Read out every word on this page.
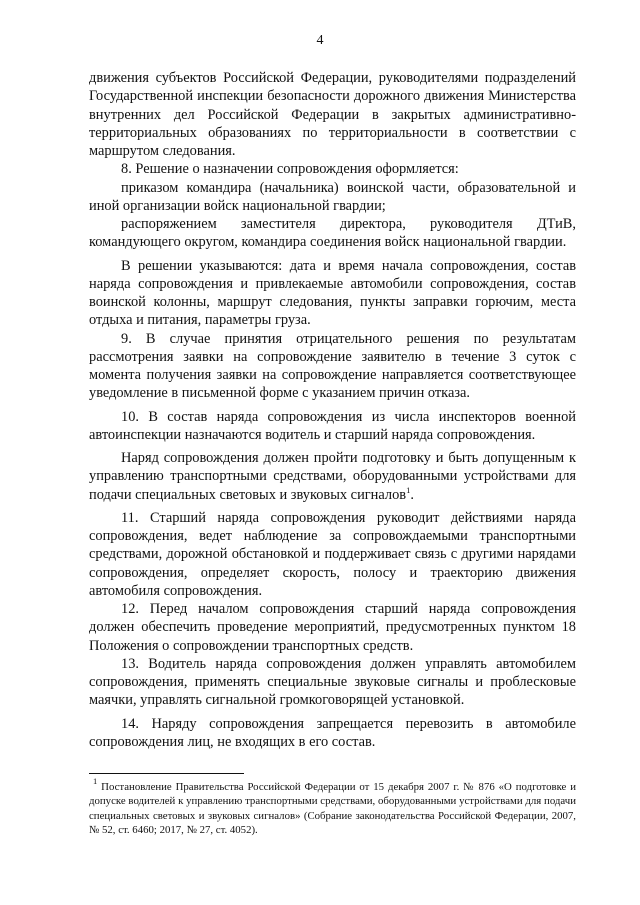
4

движения субъектов Российской Федерации, руководителями подразделений Государственной инспекции безопасности дорожного движения Министерства внутренних дел Российской Федерации в закрытых административно-территориальных образованиях по территориальности в соответствии с маршрутом следования.

8. Решение о назначении сопровождения оформляется:

приказом командира (начальника) воинской части, образовательной и иной организации войск национальной гвардии;

распоряжением заместителя директора, руководителя ДТиВ, командующего округом, командира соединения войск национальной гвардии.

В решении указываются: дата и время начала сопровождения, состав наряда сопровождения и привлекаемые автомобили сопровождения, состав воинской колонны, маршрут следования, пункты заправки горючим, места отдыха и питания, параметры груза.

9. В случае принятия отрицательного решения по результатам рассмотрения заявки на сопровождение заявителю в течение 3 суток с момента получения заявки на сопровождение направляется соответствующее уведомление в письменной форме с указанием причин отказа.

10. В состав наряда сопровождения из числа инспекторов военной автоинспекции назначаются водитель и старший наряда сопровождения.

Наряд сопровождения должен пройти подготовку и быть допущенным к управлению транспортными средствами, оборудованными устройствами для подачи специальных световых и звуковых сигналов$^1$.

11. Старший наряда сопровождения руководит действиями наряда сопровождения, ведет наблюдение за сопровождаемыми транспортными средствами, дорожной обстановкой и поддерживает связь с другими нарядами сопровождения, определяет скорость, полосу и траекторию движения автомобиля сопровождения.

12. Перед началом сопровождения старший наряда сопровождения должен обеспечить проведение мероприятий, предусмотренных пунктом 18 Положения о сопровождении транспортных средств.

13. Водитель наряда сопровождения должен управлять автомобилем сопровождения, применять специальные звуковые сигналы и проблесковые маячки, управлять сигнальной громкоговорящей установкой.

14. Наряду сопровождения запрещается перевозить в автомобиле сопровождения лиц, не входящих в его состав.

$^1$ Постановление Правительства Российской Федерации от 15 декабря 2007 г. № 876 «О подготовке и допуске водителей к управлению транспортными средствами, оборудованными устройствами для подачи специальных световых и звуковых сигналов» (Собрание законодательства Российской Федерации, 2007, № 52, ст. 6460; 2017, № 27, ст. 4052).
